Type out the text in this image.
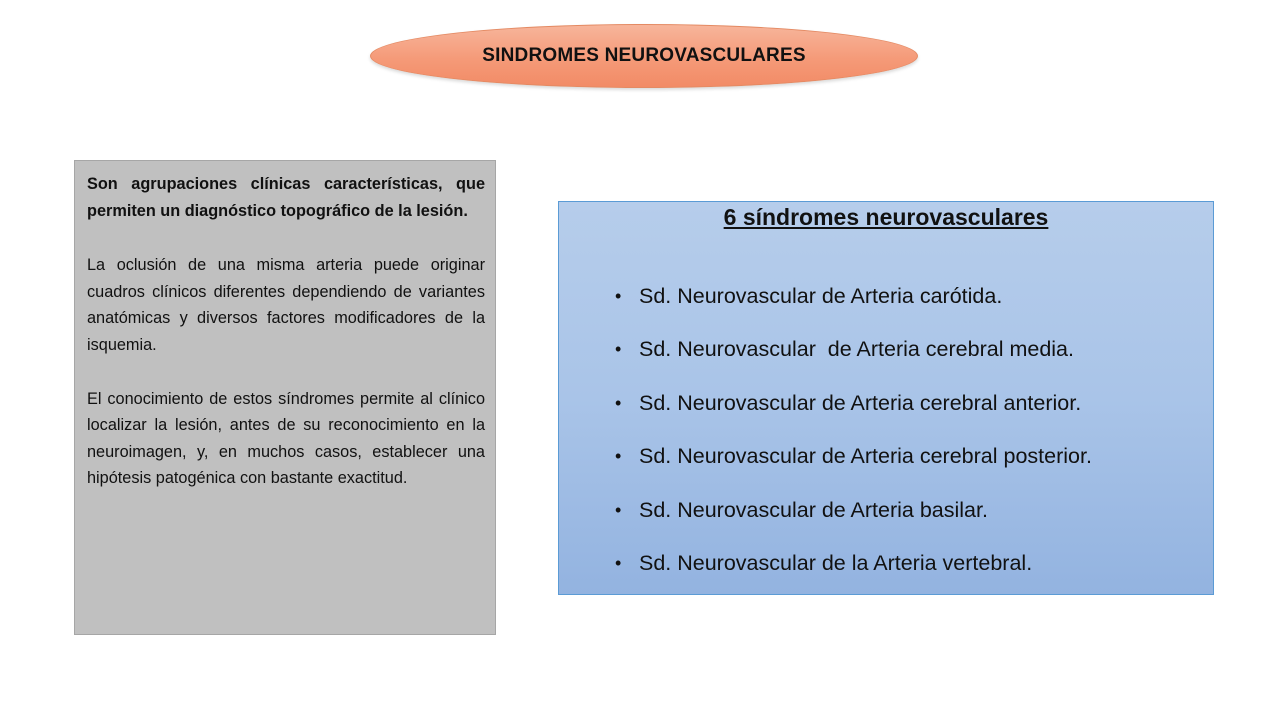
SINDROMES NEUROVASCULARES

Son agrupaciones clínicas características, que permiten un diagnóstico topográfico de la lesión.

La oclusión de una misma arteria puede originar cuadros clínicos diferentes dependiendo de variantes anatómicas y diversos factores modificadores de la isquemia.

El conocimiento de estos síndromes permite al clínico localizar la lesión, antes de su reconocimiento en la neuroimagen, y, en muchos casos, establecer una hipótesis patogénica con bastante exactitud.

6 síndromes neurovasculares
• Sd. Neurovascular de Arteria carótida.
• Sd. Neurovascular  de Arteria cerebral media.
• Sd. Neurovascular de Arteria cerebral anterior.
• Sd. Neurovascular de Arteria cerebral posterior.
• Sd. Neurovascular de Arteria basilar.
• Sd. Neurovascular de la Arteria vertebral.
